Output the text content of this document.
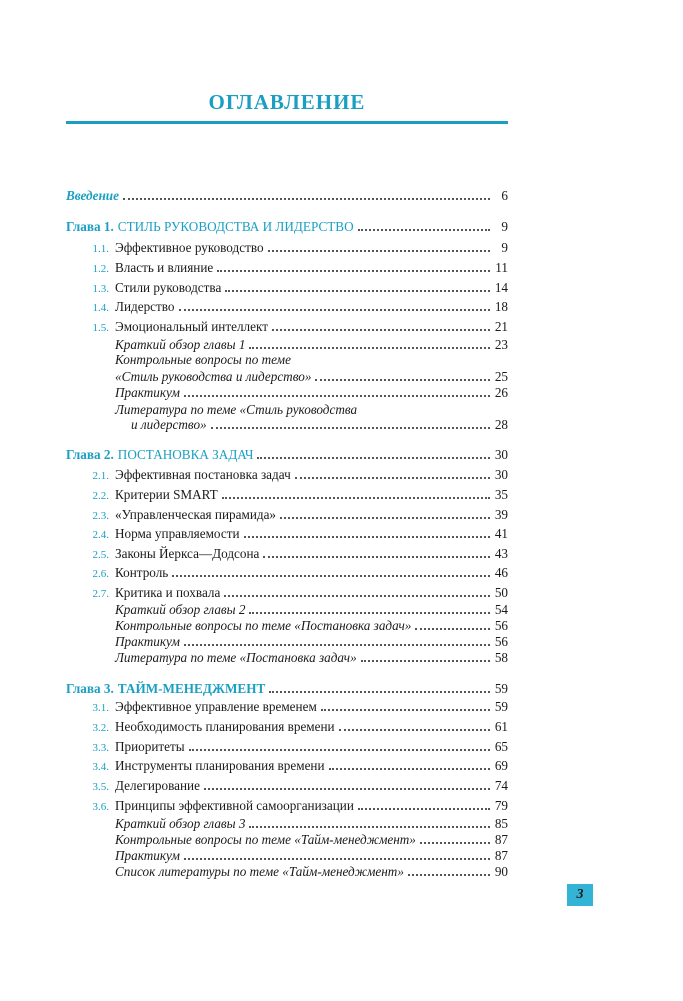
ОГЛАВЛЕНИЕ
Введение	6
Глава 1. СТИЛЬ РУКОВОДСТВА И ЛИДЕРСТВО	9
1.1. Эффективное руководство	9
1.2. Власть и влияние	11
1.3. Стили руководства	14
1.4. Лидерство	18
1.5. Эмоциональный интеллект	21
Краткий обзор главы 1	23
Контрольные вопросы по теме
«Стиль руководства и лидерство»	25
Практикум	26
Литература по теме «Стиль руководства
и лидерство»	28
Глава 2. ПОСТАНОВКА ЗАДАЧ	30
2.1. Эффективная постановка задач	30
2.2. Критерии SMART	35
2.3. «Управленческая пирамида»	39
2.4. Норма управляемости	41
2.5. Законы Йеркса—Додсона	43
2.6. Контроль	46
2.7. Критика и похвала	50
Краткий обзор главы 2	54
Контрольные вопросы по теме «Постановка задач»	56
Практикум	56
Литература по теме «Постановка задач»	58
Глава 3. ТАЙМ-МЕНЕДЖМЕНТ	59
3.1. Эффективное управление временем	59
3.2. Необходимость планирования времени	61
3.3. Приоритеты	65
3.4. Инструменты планирования времени	69
3.5. Делегирование	74
3.6. Принципы эффективной самоорганизации	79
Краткий обзор главы 3	85
Контрольные вопросы по теме «Тайм-менеджмент»	87
Практикум	87
Список литературы по теме «Тайм-менеджмент»	90
3
